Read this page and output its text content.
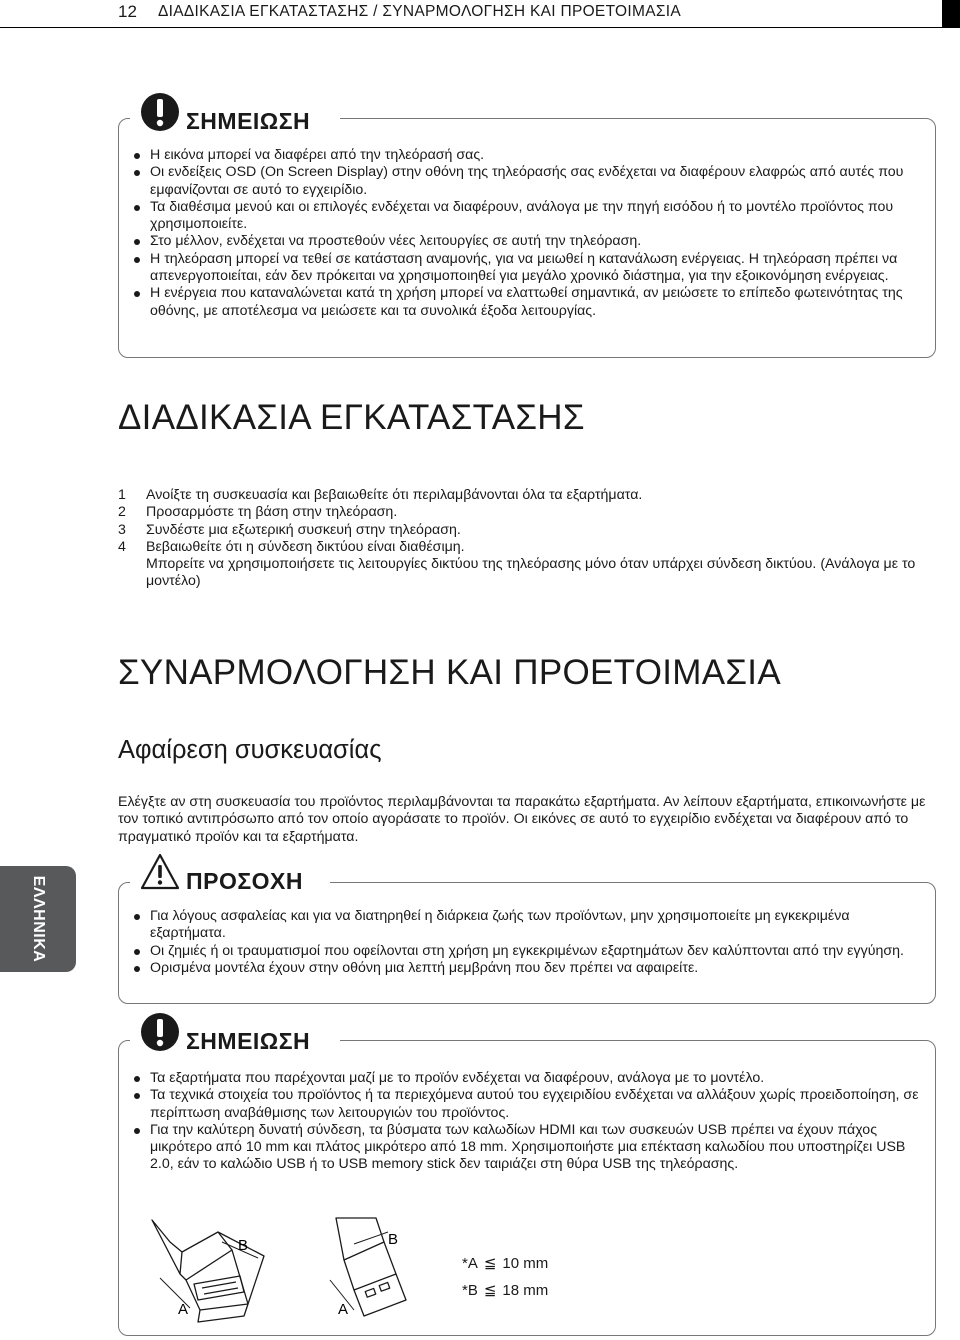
12 ΔΙΑΔΙΚΑΣΙΑ ΕΓΚΑΤΑΣΤΑΣΗΣ / ΣΥΝΑΡΜΟΛΟΓΗΣΗ ΚΑΙ ΠΡΟΕΤΟΙΜΑΣΙΑ
ΣΗΜΕΙΩΣΗ
Η εικόνα μπορεί να διαφέρει από την τηλεόρασή σας.
Οι ενδείξεις OSD (On Screen Display) στην οθόνη της τηλεόρασής σας ενδέχεται να διαφέρουν ελαφρώς από αυτές που εμφανίζονται σε αυτό το εγχειρίδιο.
Τα διαθέσιμα μενού και οι επιλογές ενδέχεται να διαφέρουν, ανάλογα με την πηγή εισόδου ή το μοντέλο προϊόντος που χρησιμοποιείτε.
Στο μέλλον, ενδέχεται να προστεθούν νέες λειτουργίες σε αυτή την τηλεόραση.
Η τηλεόραση μπορεί να τεθεί σε κατάσταση αναμονής, για να μειωθεί η κατανάλωση ενέργειας. Η τηλεόραση πρέπει να απενεργοποιείται, εάν δεν πρόκειται να χρησιμοποιηθεί για μεγάλο χρονικό διάστημα, για την εξοικονόμηση ενέργειας.
Η ενέργεια που καταναλώνεται κατά τη χρήση μπορεί να ελαττωθεί σημαντικά, αν μειώσετε το επίπεδο φωτεινότητας της οθόνης, με αποτέλεσμα να μειώσετε και τα συνολικά έξοδα λειτουργίας.
ΔΙΑΔΙΚΑΣΙΑ ΕΓΚΑΤΑΣΤΑΣΗΣ
1 Ανοίξτε τη συσκευασία και βεβαιωθείτε ότι περιλαμβάνονται όλα τα εξαρτήματα.
2 Προσαρμόστε τη βάση στην τηλεόραση.
3 Συνδέστε μια εξωτερική συσκευή στην τηλεόραση.
4 Βεβαιωθείτε ότι η σύνδεση δικτύου είναι διαθέσιμη.
Μπορείτε να χρησιμοποιήσετε τις λειτουργίες δικτύου της τηλεόρασης μόνο όταν υπάρχει σύνδεση δικτύου. (Ανάλογα με το μοντέλο)
ΣΥΝΑΡΜΟΛΟΓΗΣΗ ΚΑΙ ΠΡΟΕΤΟΙΜΑΣΙΑ
Αφαίρεση συσκευασίας
Ελέγξτε αν στη συσκευασία του προϊόντος περιλαμβάνονται τα παρακάτω εξαρτήματα. Αν λείπουν εξαρτήματα, επικοινωνήστε με τον τοπικό αντιπρόσωπο από τον οποίο αγοράσατε το προϊόν. Οι εικόνες σε αυτό το εγχειρίδιο ενδέχεται να διαφέρουν από το πραγματικό προϊόν και τα εξαρτήματα.
ΕΛΛΗΝΙΚΑ	ΠΡΟΣΟΧΗ
Για λόγους ασφαλείας και για να διατηρηθεί η διάρκεια ζωής των προϊόντων, μην χρησιμοποιείτε μη εγκεκριμένα εξαρτήματα.
Οι ζημιές ή οι τραυματισμοί που οφείλονται στη χρήση μη εγκεκριμένων εξαρτημάτων δεν καλύπτονται από την εγγύηση.
Ορισμένα μοντέλα έχουν στην οθόνη μια λεπτή μεμβράνη που δεν πρέπει να αφαιρείτε.
ΣΗΜΕΙΩΣΗ
Τα εξαρτήματα που παρέχονται μαζί με το προϊόν ενδέχεται να διαφέρουν, ανάλογα με το μοντέλο.
Τα τεχνικά στοιχεία του προϊόντος ή τα περιεχόμενα αυτού του εγχειριδίου ενδέχεται να αλλάξουν χωρίς προειδοποίηση, σε περίπτωση αναβάθμισης των λειτουργιών του προϊόντος.
Για την καλύτερη δυνατή σύνδεση, τα βύσματα των καλωδίων HDMI και των συσκευών USB πρέπει να έχουν πάχος μικρότερο από 10 mm και πλάτος μικρότερο από 18 mm. Χρησιμοποιήστε μια επέκταση καλωδίου που υποστηρίζει USB 2.0, εάν το καλώδιο USB ή το USB memory stick δεν ταιριάζει στη θύρα USB της τηλεόρασης.
B
A
B
A
*A ≦ 10 mm
*B ≦ 18 mm
